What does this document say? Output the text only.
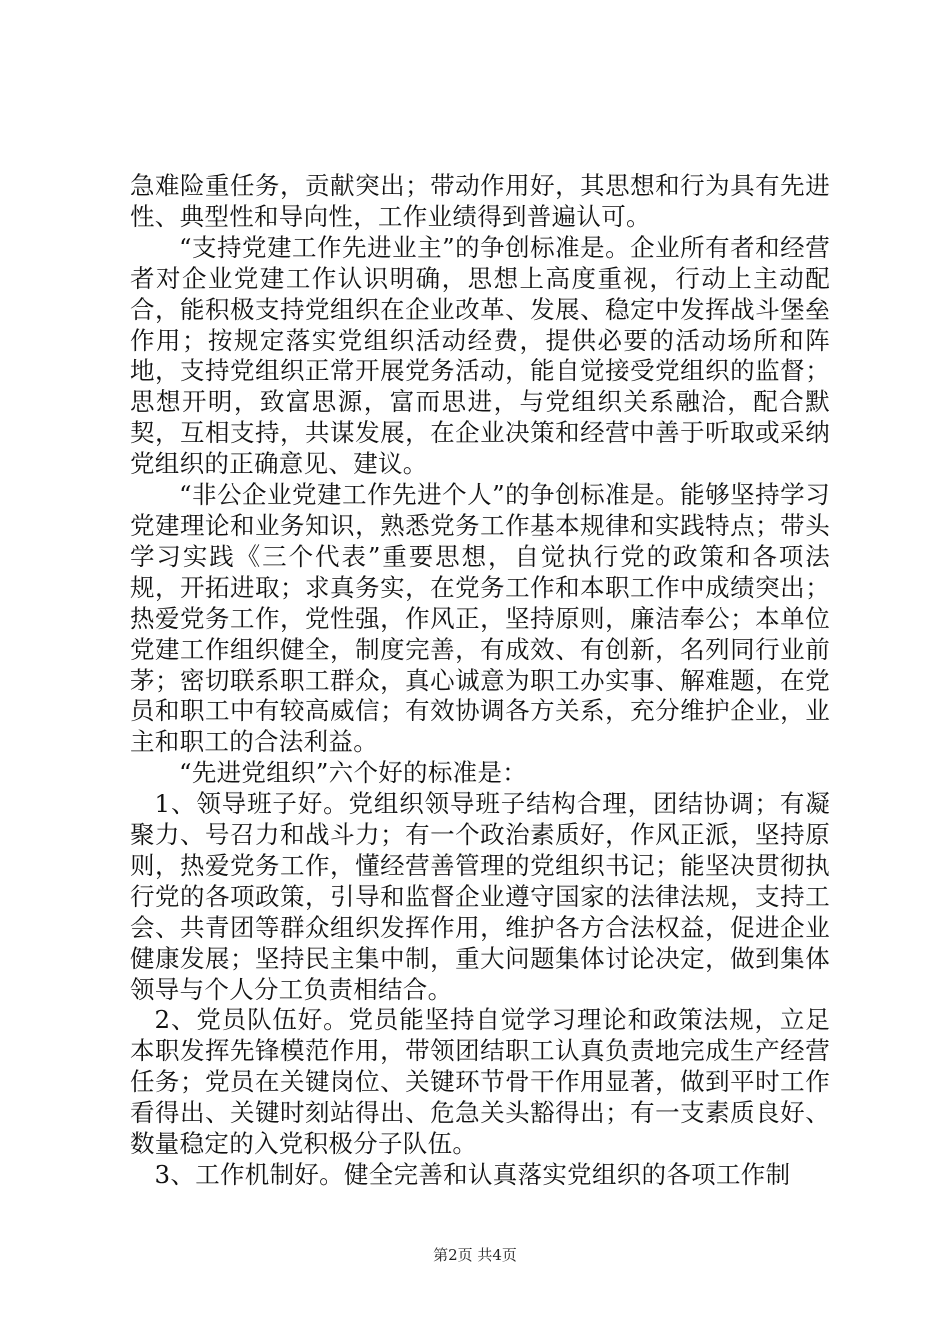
急难险重任务，贡献突出；带动作用好，其思想和行为具有先进性、典型性和导向性，工作业绩得到普遍认可。

“支持党建工作先进业主”的争创标准是。企业所有者和经营者对企业党建工作认识明确，思想上高度重视，行动上主动配合，能积极支持党组织在企业改革、发展、稳定中发挥战斗堡垒作用；按规定落实党组织活动经费，提供必要的活动场所和阵地，支持党组织正常开展党务活动，能自觉接受党组织的监督；思想开明，致富思源，富而思进，与党组织关系融洽，配合默契，互相支持，共谋发展，在企业决策和经营中善于听取或采纳党组织的正确意见、建议。

“非公企业党建工作先进个人”的争创标准是。能够坚持学习党建理论和业务知识，熟悉党务工作基本规律和实践特点；带头学习实践《三个代表”重要思想，自觉执行党的政策和各项法规，开拓进取；求真务实，在党务工作和本职工作中成绩突出；热爱党务工作，党性强，作风正，坚持原则，廉洁奉公；本单位党建工作组织健全，制度完善，有成效、有创新，名列同行业前茅；密切联系职工群众，真心诚意为职工办实事、解难题，在党员和职工中有较高威信；有效协调各方关系，充分维护企业，业主和职工的合法利益。

“先进党组织”六个好的标准是：

1、领导班子好。党组织领导班子结构合理，团结协调；有凝聚力、号召力和战斗力；有一个政治素质好，作风正派，坚持原则，热爱党务工作，懂经营善管理的党组织书记；能坚决贯彻执行党的各项政策，引导和监督企业遵守国家的法律法规，支持工会、共青团等群众组织发挥作用，维护各方合法权益，促进企业健康发展；坚持民主集中制，重大问题集体讨论决定，做到集体领导与个人分工负责相结合。

2、党员队伍好。党员能坚持自觉学习理论和政策法规，立足本职发挥先锋模范作用，带领团结职工认真负责地完成生产经营任务；党员在关键岗位、关键环节骨干作用显著，做到平时工作看得出、关键时刻站得出、危急关头豁得出；有一支素质良好、数量稳定的入党积极分子队伍。

3、工作机制好。健全完善和认真落实党组织的各项工作制

第2页 共4页
